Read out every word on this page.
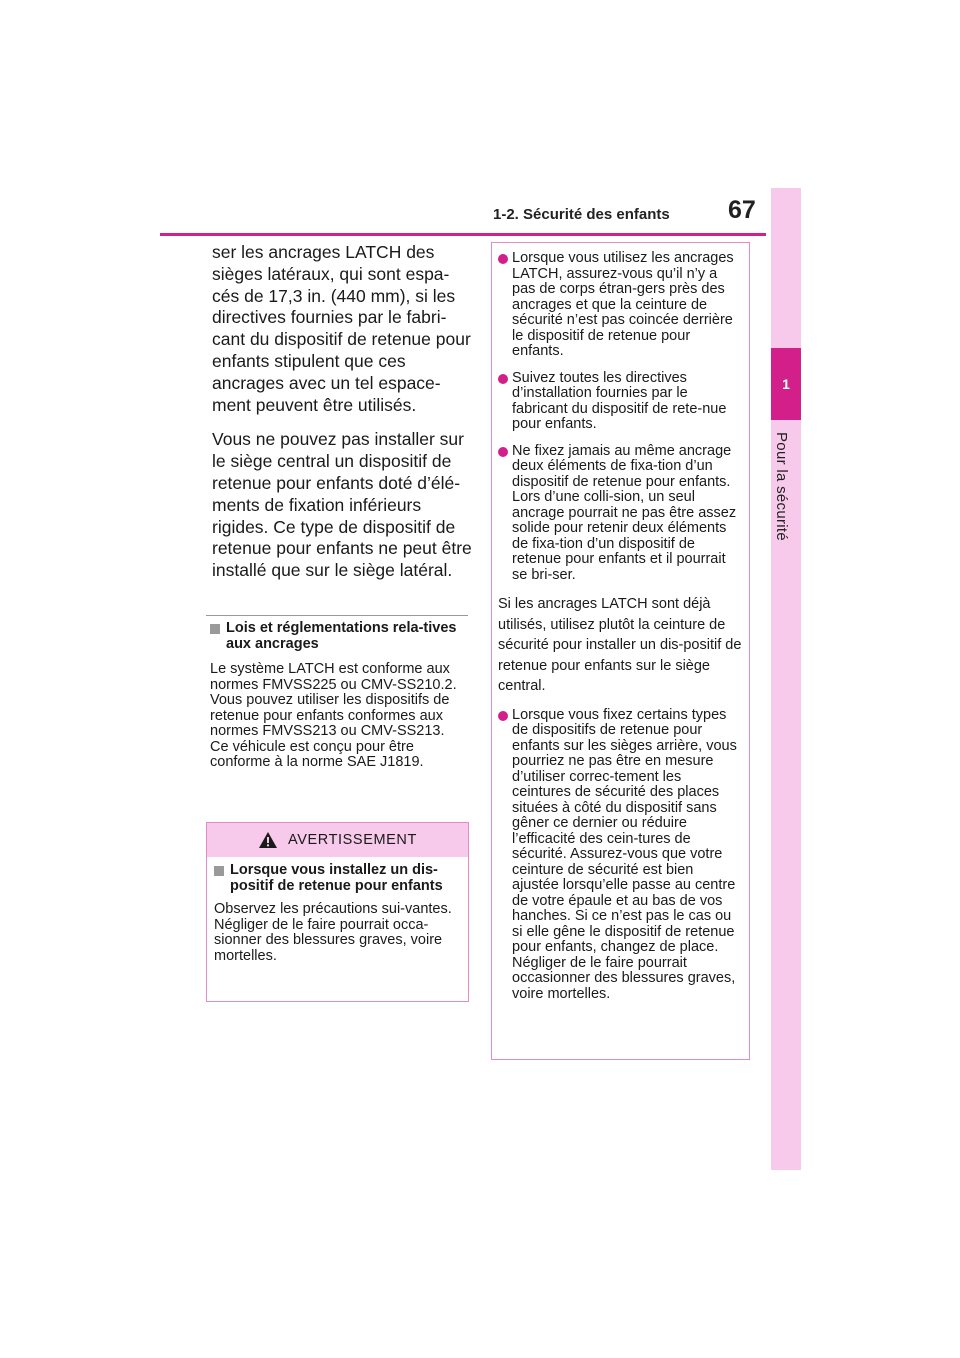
1-2. Sécurité des enfants 67
1
Pour la sécurité

ser les ancrages LATCH des sièges latéraux, qui sont espa-cés de 17,3 in. (440 mm), si les directives fournies par le fabri-cant du dispositif de retenue pour enfants stipulent que ces ancrages avec un tel espace-ment peuvent être utilisés.

Vous ne pouvez pas installer sur le siège central un dispositif de retenue pour enfants doté d’élé-ments de fixation inférieurs rigides. Ce type de dispositif de retenue pour enfants ne peut être installé que sur le siège latéral.

Lois et réglementations rela-tives aux ancrages

Le système LATCH est conforme aux normes FMVSS225 ou CMV-SS210.2.

Vous pouvez utiliser les dispositifs de retenue pour enfants conformes aux normes FMVSS213 ou CMV-SS213.

Ce véhicule est conçu pour être conforme à la norme SAE J1819.

AVERTISSEMENT
Lorsque vous installez un dis-positif de retenue pour enfants

Observez les précautions sui-vantes.

Négliger de le faire pourrait occa-sionner des blessures graves, voire mortelles.

Lorsque vous utilisez les ancrages LATCH, assurez-vous qu’il n’y a pas de corps étran-gers près des ancrages et que la ceinture de sécurité n’est pas coincée derrière le dispositif de retenue pour enfants.
Suivez toutes les directives d’installation fournies par le fabricant du dispositif de rete-nue pour enfants.
Ne fixez jamais au même ancrage deux éléments de fixa-tion d’un dispositif de retenue pour enfants. Lors d’une colli-sion, un seul ancrage pourrait ne pas être assez solide pour retenir deux éléments de fixa-tion d’un dispositif de retenue pour enfants et il pourrait se bri-ser.

Si les ancrages LATCH sont déjà utilisés, utilisez plutôt la ceinture de sécurité pour installer un dis-positif de retenue pour enfants sur le siège central.

Lorsque vous fixez certains types de dispositifs de retenue pour enfants sur les sièges arrière, vous pourriez ne pas être en mesure d’utiliser correc-tement les ceintures de sécurité des places situées à côté du dispositif sans gêner ce dernier ou réduire l’efficacité des cein-tures de sécurité. Assurez-vous que votre ceinture de sécurité est bien ajustée lorsqu’elle passe au centre de votre épaule et au bas de vos hanches. Si ce n’est pas le cas ou si elle gêne le dispositif de retenue pour enfants, changez de place. Négliger de le faire pourrait occasionner des blessures graves, voire mortelles.
